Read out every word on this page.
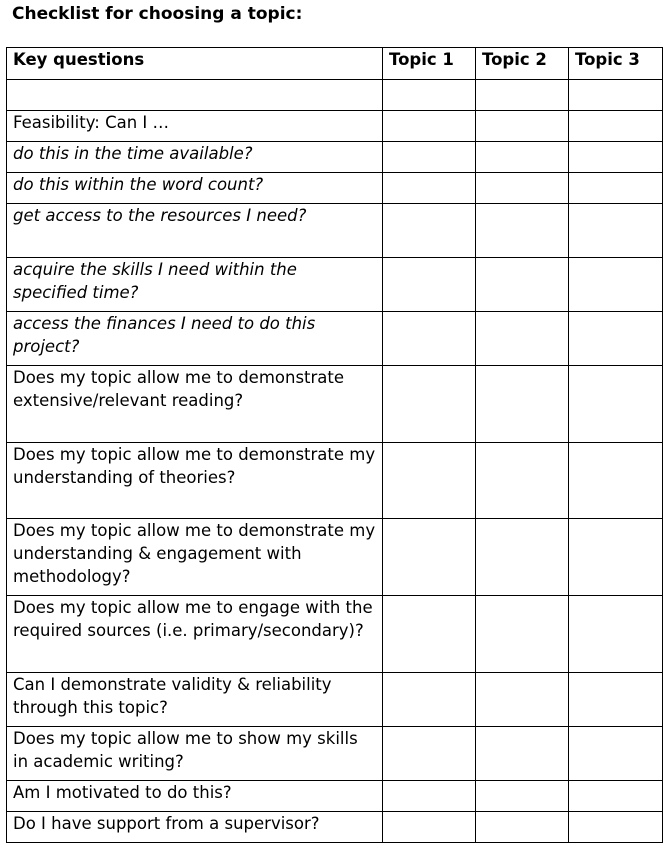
Checklist for choosing a topic:
Key questions	Topic 1	Topic 2	Topic 3

Feasibility: Can I …			
do this in the time available?			
do this within the word count?			
get access to the resources I need?			
acquire the skills I need within the specified time?			
access the finances I need to do this project?			
Does my topic allow me to demonstrate extensive/relevant reading?			
Does my topic allow me to demonstrate my understanding of theories?			
Does my topic allow me to demonstrate my understanding & engagement with methodology?			
Does my topic allow me to engage with the required sources (i.e. primary/secondary)?			
Can I demonstrate validity & reliability through this topic?			
Does my topic allow me to show my skills in academic writing?			
Am I motivated to do this?			
Do I have support from a supervisor?			
